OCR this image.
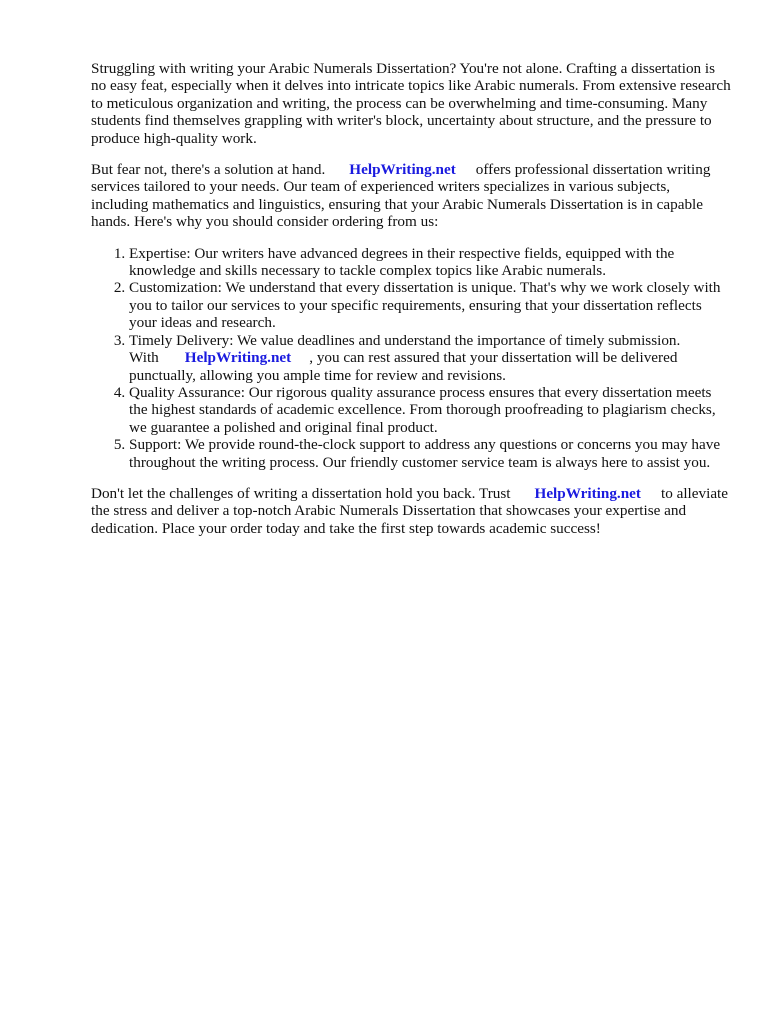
Struggling with writing your Arabic Numerals Dissertation? You're not alone. Crafting a dissertation is no easy feat, especially when it delves into intricate topics like Arabic numerals. From extensive research to meticulous organization and writing, the process can be overwhelming and time-consuming. Many students find themselves grappling with writer's block, uncertainty about structure, and the pressure to produce high-quality work.

But fear not, there's a solution at hand. HelpWriting.net offers professional dissertation writing services tailored to your needs. Our team of experienced writers specializes in various subjects, including mathematics and linguistics, ensuring that your Arabic Numerals Dissertation is in capable hands. Here's why you should consider ordering from us:

1. Expertise: Our writers have advanced degrees in their respective fields, equipped with the knowledge and skills necessary to tackle complex topics like Arabic numerals.
2. Customization: We understand that every dissertation is unique. That's why we work closely with you to tailor our services to your specific requirements, ensuring that your dissertation reflects your ideas and research.
3. Timely Delivery: We value deadlines and understand the importance of timely submission. With HelpWriting.net , you can rest assured that your dissertation will be delivered punctually, allowing you ample time for review and revisions.
4. Quality Assurance: Our rigorous quality assurance process ensures that every dissertation meets the highest standards of academic excellence. From thorough proofreading to plagiarism checks, we guarantee a polished and original final product.
5. Support: We provide round-the-clock support to address any questions or concerns you may have throughout the writing process. Our friendly customer service team is always here to assist you.

Don't let the challenges of writing a dissertation hold you back. Trust HelpWriting.net to alleviate the stress and deliver a top-notch Arabic Numerals Dissertation that showcases your expertise and dedication. Place your order today and take the first step towards academic success!
